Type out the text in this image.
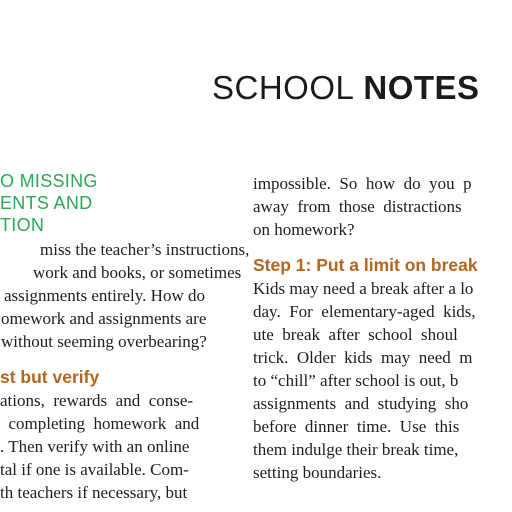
SCHOOL NOTES
O MISSING
ENTS AND
TION
miss the teacher’s instructions,
work and books, or sometimes
assignments entirely. How do
omework and assignments are
without seeming overbearing?
st but verify
ations,  rewards  and  conse-
completing  homework  and
. Then verify with an online
tal if one is available. Com-
th teachers if necessary, but
impossible.  So  how  do  you  p
away  from  those  distractions
on homework?
Step 1: Put a limit on break
Kids may need a break after a lo
day.  For  elementary-aged  kids,
ute  break  after  school  shoul
trick.  Older  kids  may  need  m
to “chill” after school is out, b
assignments  and  studying  sho
before  dinner  time.  Use  this
them indulge their break time,
setting boundaries.
